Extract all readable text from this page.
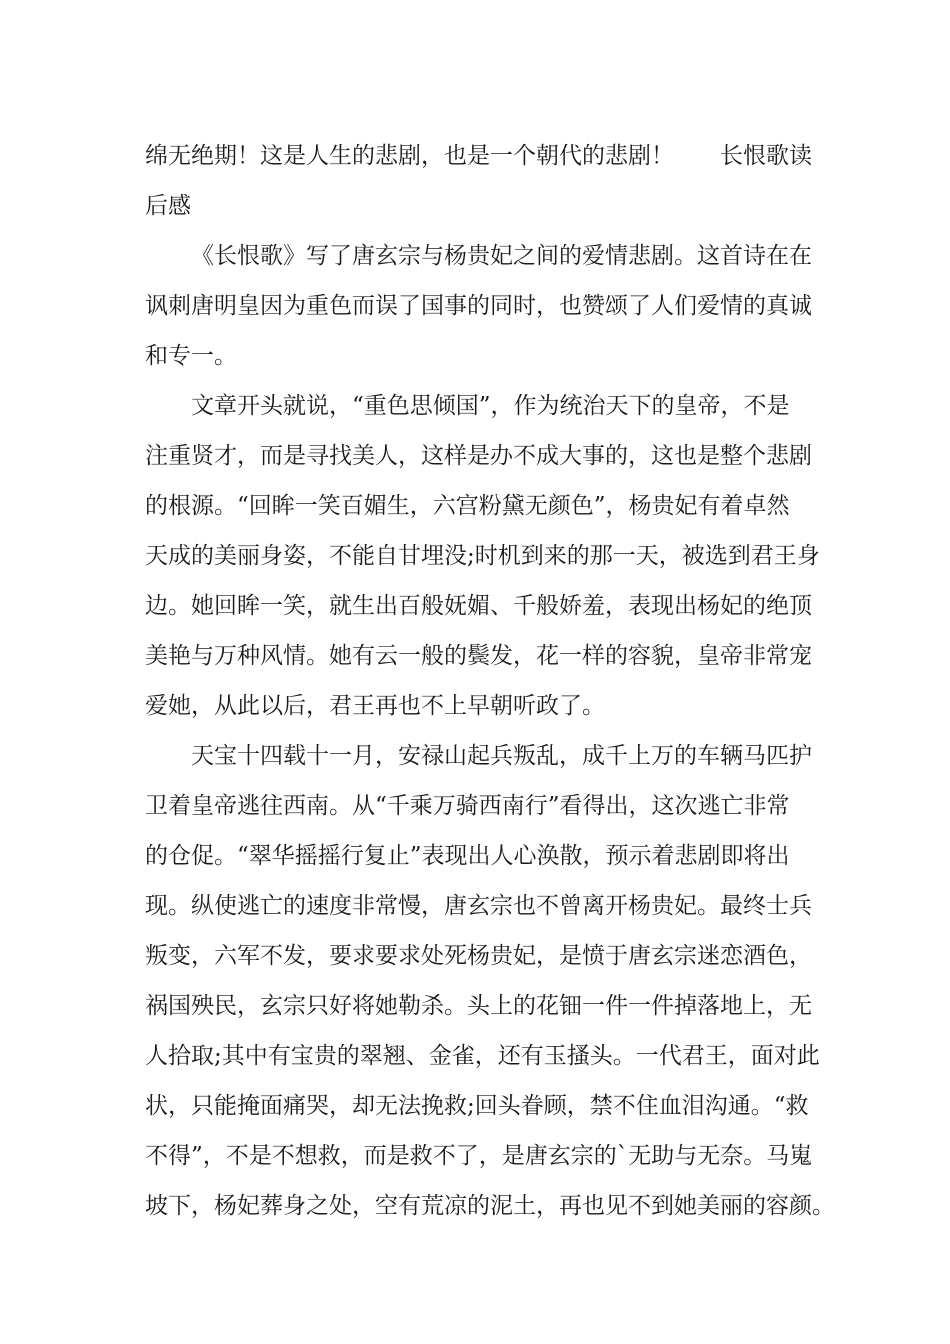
绵无绝期！这是人生的悲剧，也是一个朝代的悲剧！　　长恨歌读
后感
《长恨歌》写了唐玄宗与杨贵妃之间的爱情悲剧。这首诗在在
讽刺唐明皇因为重色而误了国事的同时，也赞颂了人们爱情的真诚
和专一。
文章开头就说，“重色思倾国”，作为统治天下的皇帝，不是
注重贤才，而是寻找美人，这样是办不成大事的，这也是整个悲剧
的根源。“回眸一笑百媚生，六宫粉黛无颜色”，杨贵妃有着卓然
天成的美丽身姿，不能自甘埋没;时机到来的那一天，被选到君王身
边。她回眸一笑，就生出百般妩媚、千般娇羞，表现出杨妃的绝顶
美艳与万种风情。她有云一般的鬓发，花一样的容貌，皇帝非常宠
爱她，从此以后，君王再也不上早朝听政了。
天宝十四载十一月，安禄山起兵叛乱，成千上万的车辆马匹护
卫着皇帝逃往西南。从“千乘万骑西南行”看得出，这次逃亡非常
的仓促。“翠华摇摇行复止”表现出人心涣散，预示着悲剧即将出
现。纵使逃亡的速度非常慢，唐玄宗也不曾离开杨贵妃。最终士兵
叛变，六军不发，要求要求处死杨贵妃，是愤于唐玄宗迷恋酒色，
祸国殃民，玄宗只好将她勒杀。头上的花钿一件一件掉落地上，无
人拾取;其中有宝贵的翠翘、金雀，还有玉搔头。一代君王，面对此
状，只能掩面痛哭，却无法挽救;回头眷顾，禁不住血泪沟通。“救
不得”，不是不想救，而是救不了，是唐玄宗的`无助与无奈。马嵬
坡下，杨妃葬身之处，空有荒凉的泥土，再也见不到她美丽的容颜。
